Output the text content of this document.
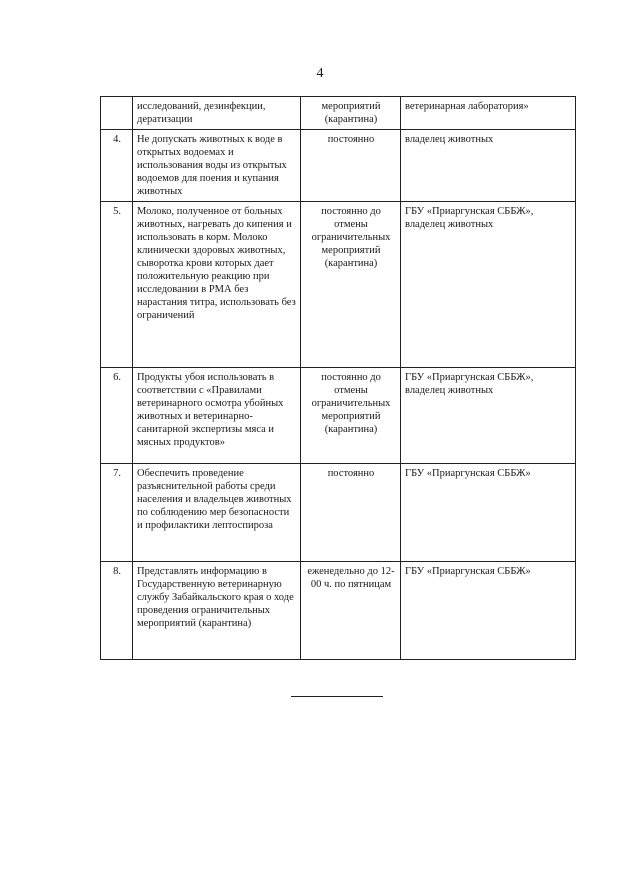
4
	исследований, дезинфекции, дератизации	мероприятий (карантина)	ветеринарная лаборатория»
4.	Не допускать животных к воде в открытых водоемах и использования воды из открытых водоемов для поения и купания животных	постоянно	владелец животных
5.	Молоко, полученное от больных животных, нагревать до кипения и использовать в корм. Молоко клинически здоровых животных, сыворотка крови которых дает положительную реакцию при исследовании в РМА без нарастания титра, использовать без ограничений	постоянно до отмены ограничительных мероприятий (карантина)	ГБУ «Приаргунская СББЖ», владелец животных
6.	Продукты убоя использовать в соответствии с «Правилами ветеринарного осмотра убойных животных и ветеринарно-санитарной экспертизы мяса и мясных продуктов»	постоянно до отмены ограничительных мероприятий (карантина)	ГБУ «Приаргунская СББЖ», владелец животных
7.	Обеспечить проведение разъяснительной работы среди населения и владельцев животных по соблюдению мер безопасности и профилактики лептоспироза	постоянно	ГБУ «Приаргунская СББЖ»
8.	Представлять информацию в Государственную ветеринарную службу Забайкальского края о ходе проведения ограничительных мероприятий (карантина)	еженедельно до 12-00 ч. по пятницам	ГБУ «Приаргунская СББЖ»
